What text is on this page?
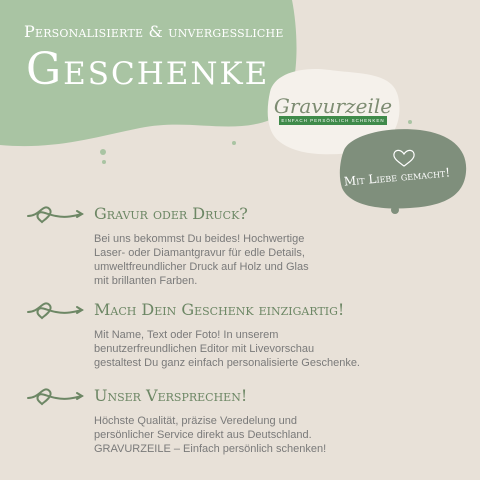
Personalisierte & unvergessliche
Geschenke
Gravurzeile
EINFACH PERSÖNLICH SCHENKEN
Mit Liebe gemacht!
Gravur oder Druck?
Bei uns bekommst Du beides! Hochwertige
Laser- oder Diamantgravur für edle Details,
umweltfreundlicher Druck auf Holz und Glas
mit brillanten Farben.
Mach Dein Geschenk einzigartig!
Mit Name, Text oder Foto! In unserem
benutzerfreundlichen Editor mit Livevorschau
gestaltest Du ganz einfach personalisierte Geschenke.
Unser Versprechen!
Höchste Qualität, präzise Veredelung und
persönlicher Service direkt aus Deutschland.
GRAVURZEILE – Einfach persönlich schenken!
